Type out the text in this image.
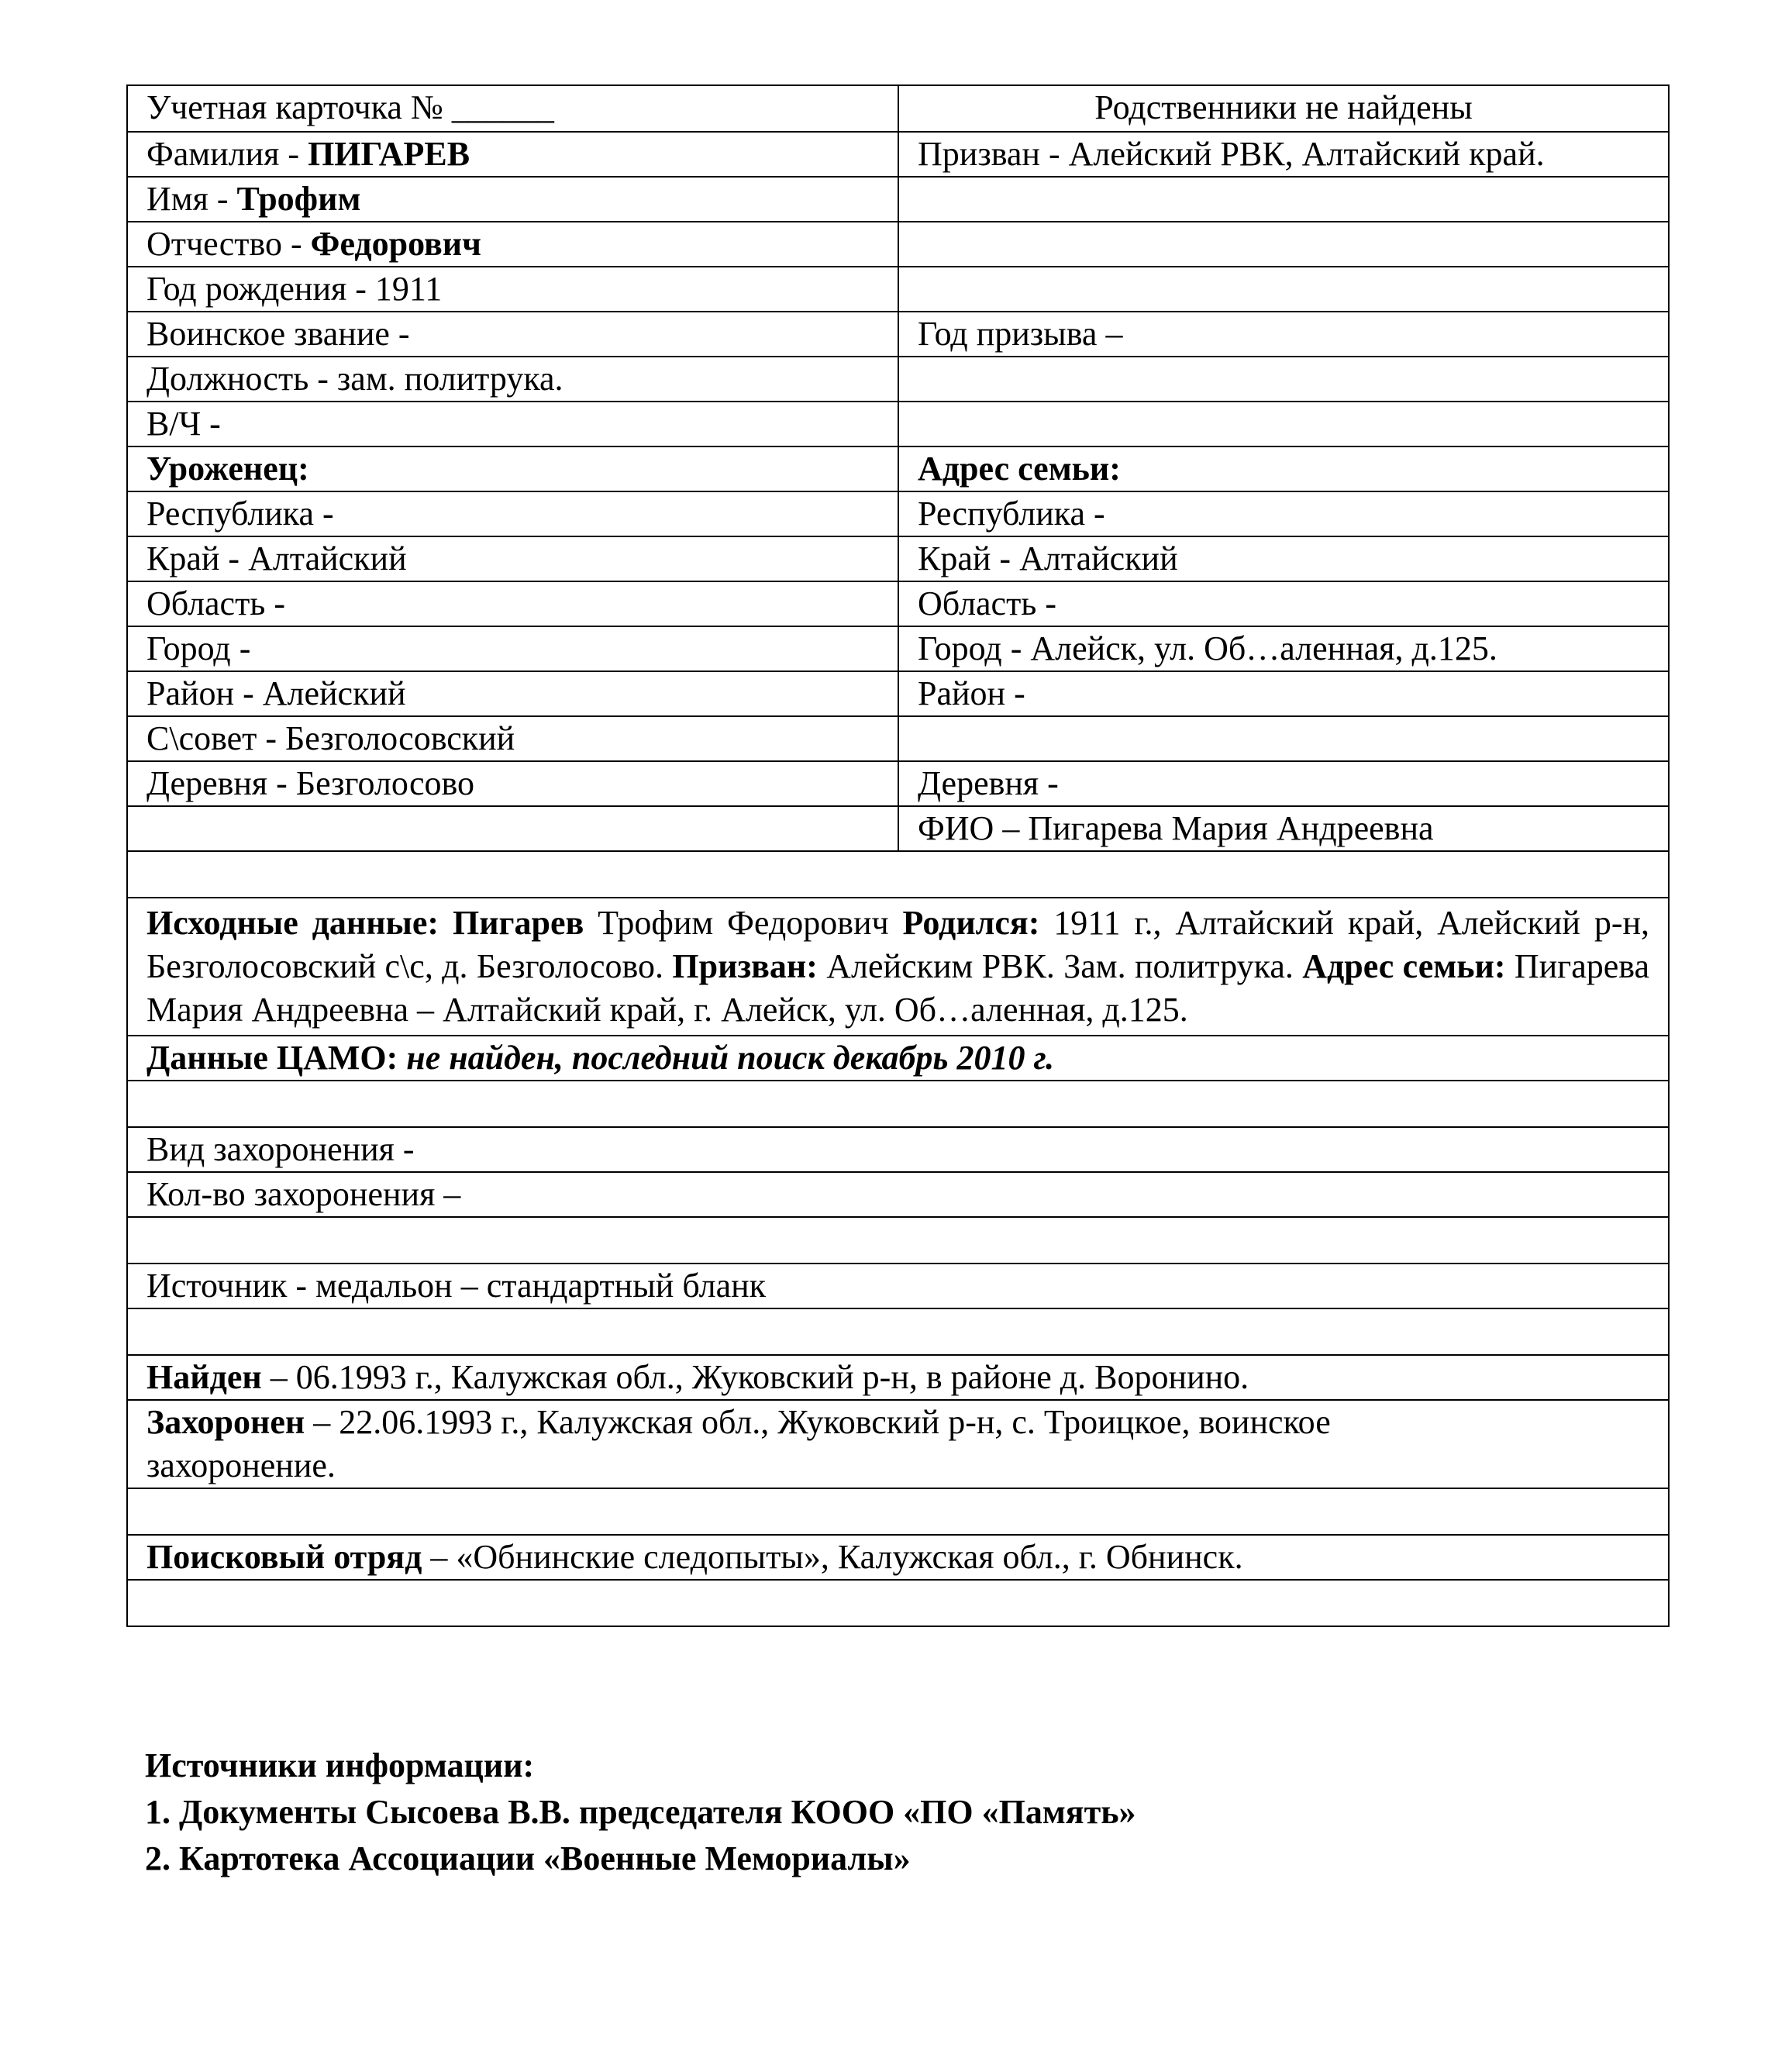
Учетная карточка № ______	Родственники не найдены
Фамилия - ПИГАРЕВ	Призван - Алейский РВК, Алтайский край.
Имя - Трофим	
Отчество - Федорович	
Год рождения - 1911	
Воинское звание -	Год призыва –
Должность - зам. политрука.	
В/Ч -	
Уроженец:	Адрес семьи:
Республика -	Республика -
Край - Алтайский	Край - Алтайский
Область -	Область -
Город -	Город - Алейск, ул. Об…аленная, д.125.
Район - Алейский	Район -
С\совет - Безголосовский	
Деревня - Безголосово	Деревня -
	ФИО – Пигарева Мария Андреевна

Исходные данные: Пигарев Трофим Федорович Родился: 1911 г., Алтайский край, Алейский р-н, Безголосовский с\с, д. Безголосово. Призван: Алейским РВК. Зам. политрука. Адрес семьи: Пигарева Мария Андреевна – Алтайский край, г. Алейск, ул. Об…аленная, д.125.	
Данные ЦАМО: не найден, последний поиск декабрь 2010 г.	

Вид захоронения -	
Кол-во захоронения –	

Источник - медальон – стандартный бланк	

Найден – 06.1993 г., Калужская обл., Жуковский р-н, в районе д. Воронино.	
Захоронен – 22.06.1993 г., Калужская обл., Жуковский р-н, с. Троицкое, воинское захоронение.	

Поисковый отряд – «Обнинские следопыты», Калужская обл., г. Обнинск.	

Источники информации:
1. Документы Сысоева В.В. председателя КООО «ПО «Память»
2. Картотека Ассоциации «Военные Мемориалы»
